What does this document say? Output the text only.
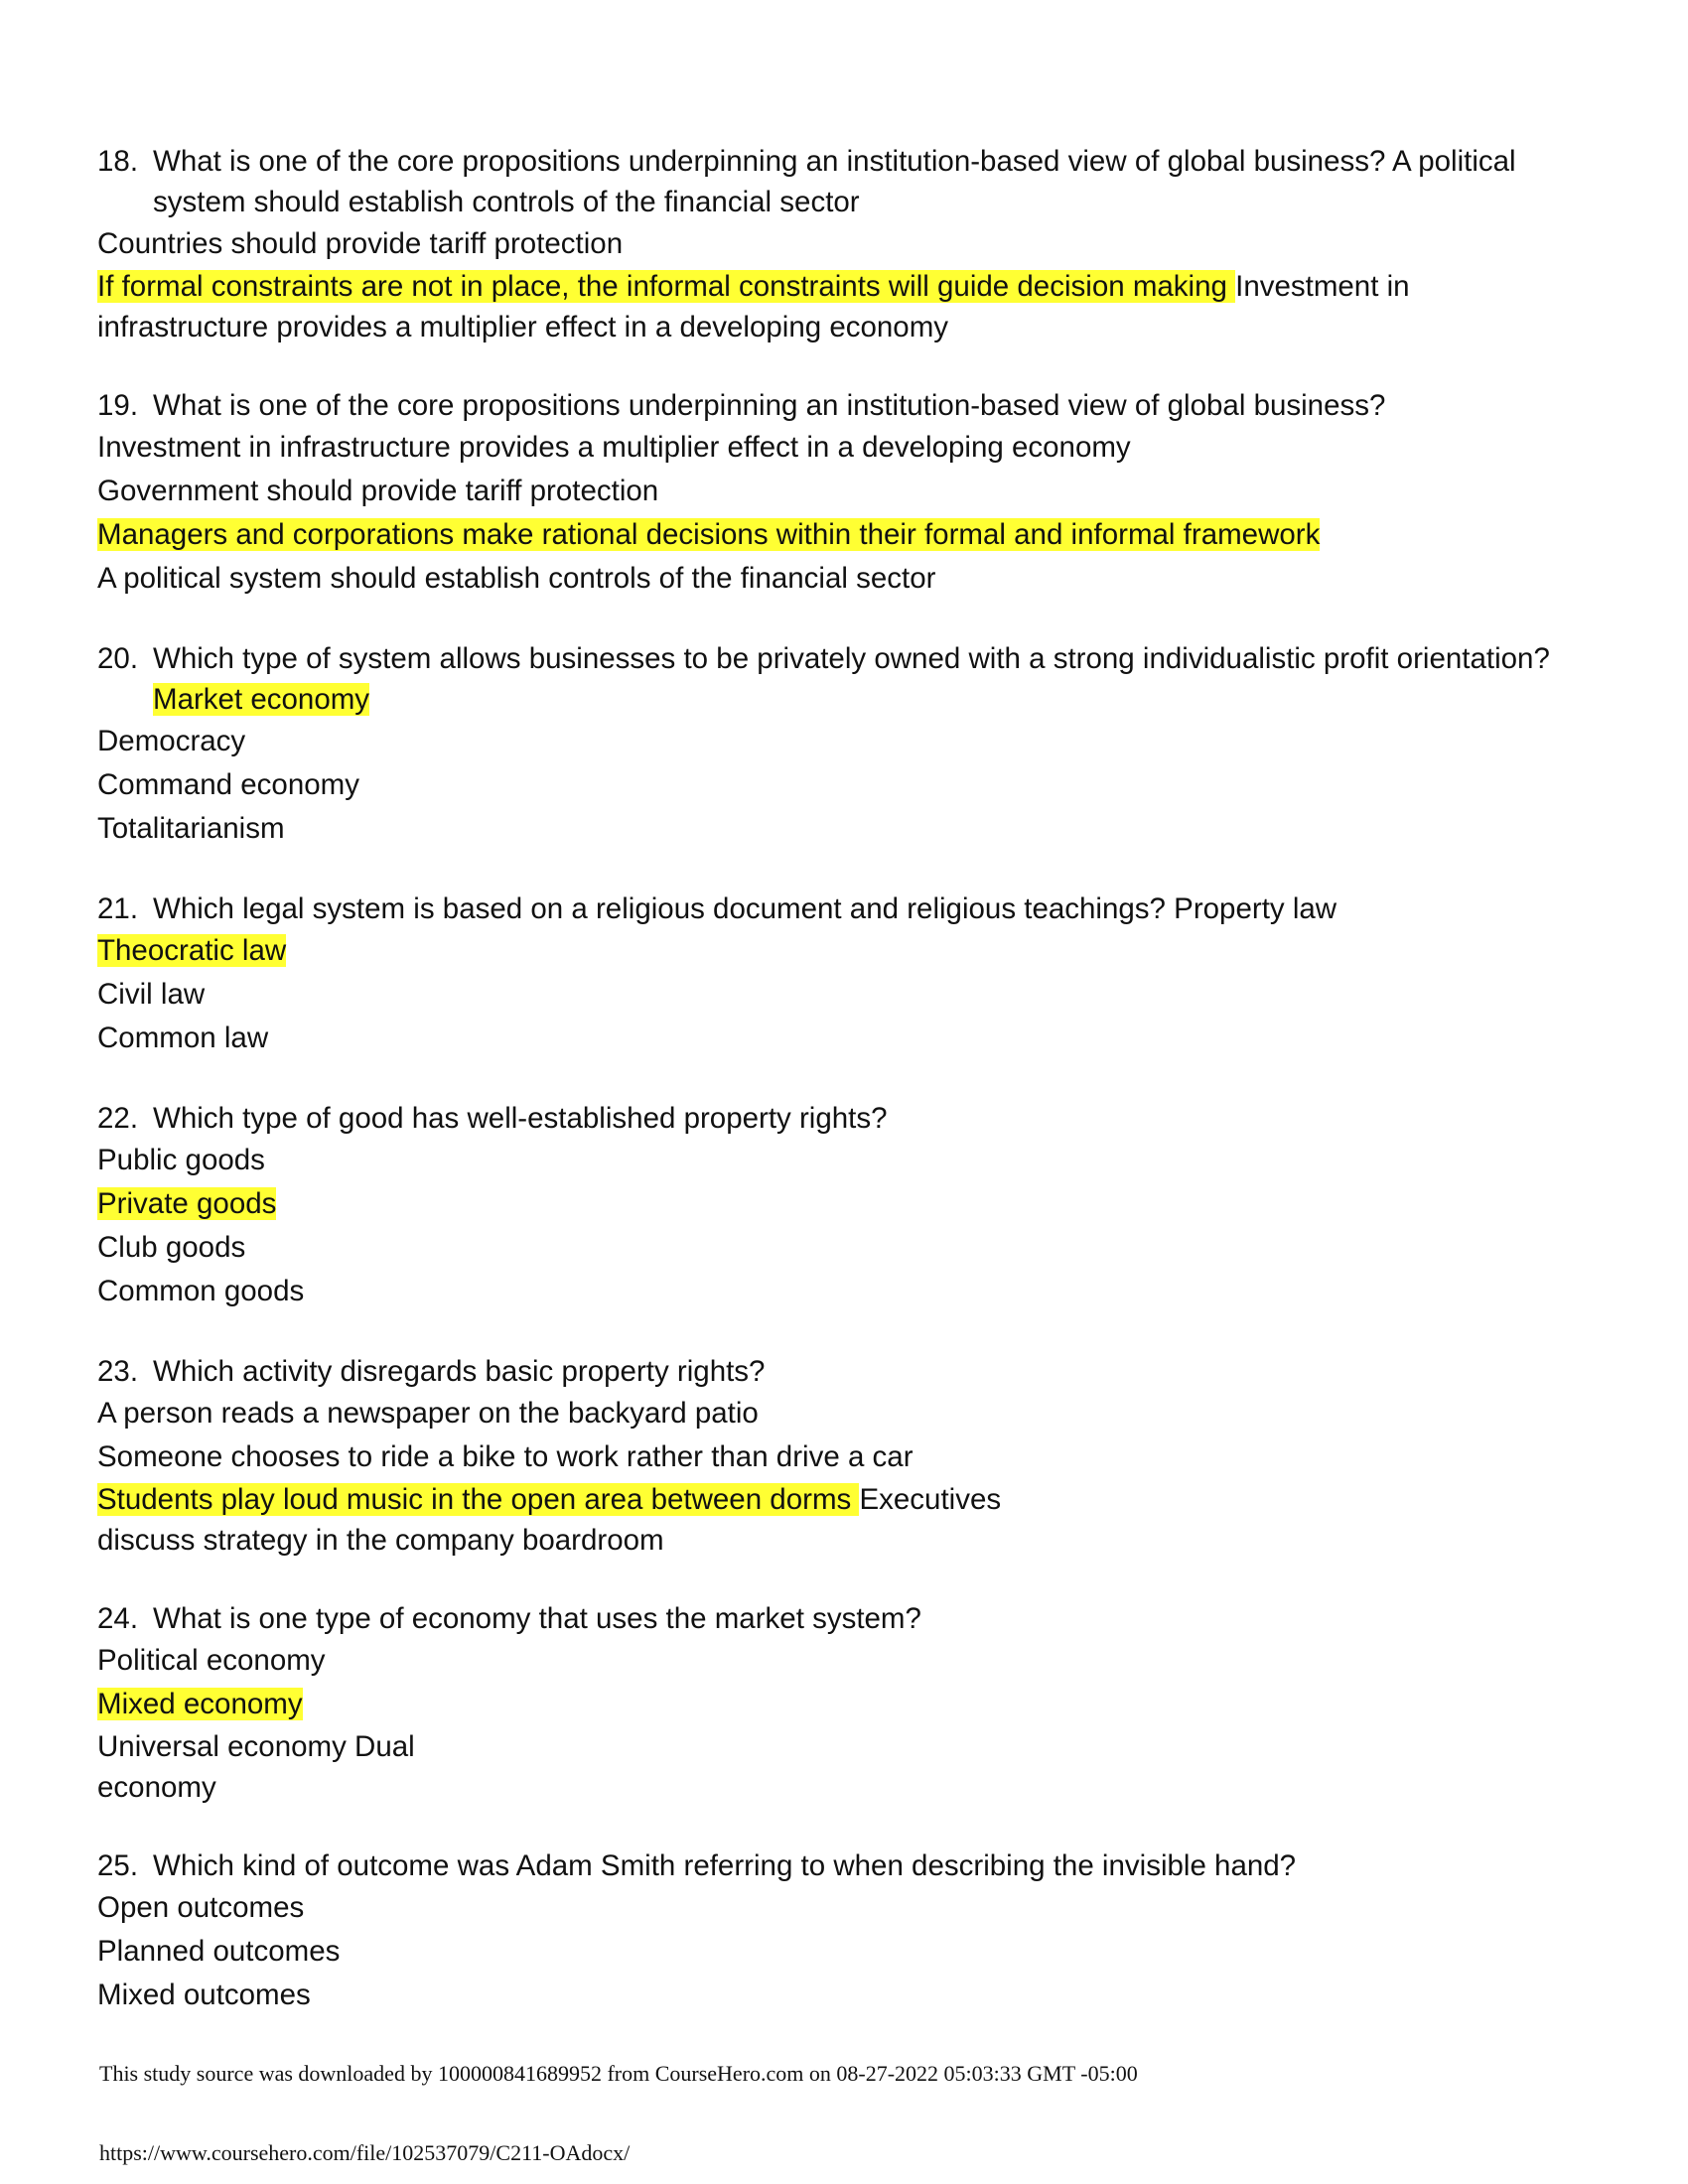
18. What is one of the core propositions underpinning an institution-based view of global business? A political system should establish controls of the financial sector
Countries should provide tariff protection
If formal constraints are not in place, the informal constraints will guide decision making Investment in infrastructure provides a multiplier effect in a developing economy
19. What is one of the core propositions underpinning an institution-based view of global business?
Investment in infrastructure provides a multiplier effect in a developing economy
Government should provide tariff protection
Managers and corporations make rational decisions within their formal and informal framework
A political system should establish controls of the financial sector
20. Which type of system allows businesses to be privately owned with a strong individualistic profit orientation? Market economy
Democracy
Command economy
Totalitarianism
21. Which legal system is based on a religious document and religious teachings? Property law
Theocratic law
Civil law
Common law
22. Which type of good has well-established property rights?
Public goods
Private goods
Club goods
Common goods
23. Which activity disregards basic property rights?
A person reads a newspaper on the backyard patio
Someone chooses to ride a bike to work rather than drive a car
Students play loud music in the open area between dorms Executives discuss strategy in the company boardroom
24. What is one type of economy that uses the market system?
Political economy
Mixed economy
Universal economy Dual economy
25. Which kind of outcome was Adam Smith referring to when describing the invisible hand?
Open outcomes
Planned outcomes
Mixed outcomes
This study source was downloaded by 100000841689952 from CourseHero.com on 08-27-2022 05:03:33 GMT -05:00
https://www.coursehero.com/file/102537079/C211-OAdocx/
